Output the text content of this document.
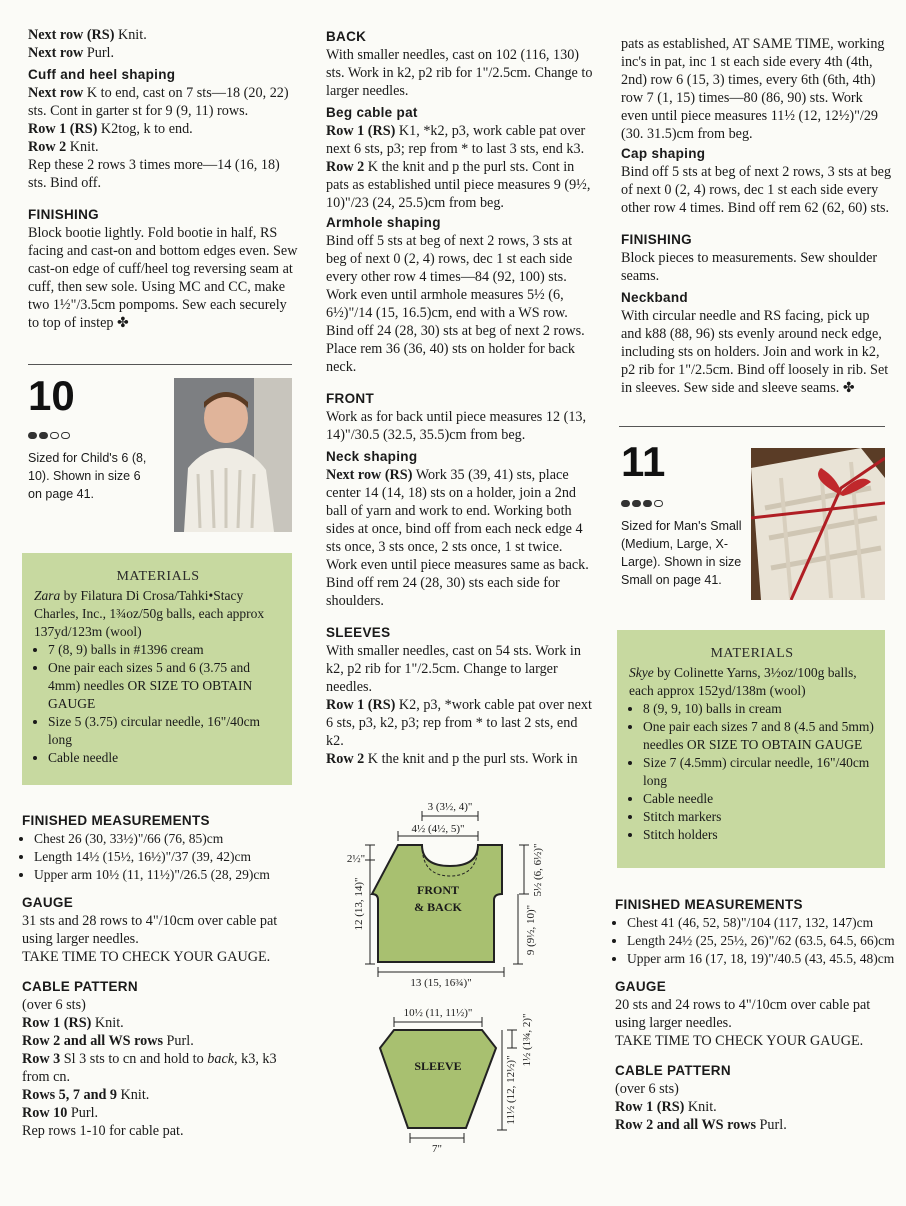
Next row (RS) Knit.

Next row Purl.

Cuff and heel shaping

Next row K to end, cast on 7 sts—18 (20, 22) sts. Cont in garter st for 9 (9, 11) rows.

Row 1 (RS) K2tog, k to end.

Row 2 Knit.

Rep these 2 rows 3 times more—14 (16, 18) sts. Bind off.

FINISHING

Block bootie lightly. Fold bootie in half, RS facing and cast-on and bottom edges even. Sew cast-on edge of cuff/heel tog reversing seam at cuff, then sew sole. Using MC and CC, make two 1½"/3.5cm pompoms. Sew each securely to top of instep ✤

10

Sized for Child's 6 (8, 10). Shown in size 6 on page 41.

MATERIALS

Zara by Filatura Di Crosa/Tahki•Stacy Charles, Inc., 1¾oz/50g balls, each approx 137yd/123m (wool)

• 7 (8, 9) balls in #1396 cream
• One pair each sizes 5 and 6 (3.75 and 4mm) needles OR SIZE TO OBTAIN GAUGE
• Size 5 (3.75) circular needle, 16"/40cm long
• Cable needle

FINISHED MEASUREMENTS

• Chest 26 (30, 33½)"/66 (76, 85)cm
• Length 14½ (15½, 16½)"/37 (39, 42)cm
• Upper arm 10½ (11, 11½)"/26.5 (28, 29)cm

GAUGE

31 sts and 28 rows to 4"/10cm over cable pat using larger needles.

TAKE TIME TO CHECK YOUR GAUGE.

CABLE PATTERN

(over 6 sts)

Row 1 (RS) Knit.

Row 2 and all WS rows Purl.

Row 3 Sl 3 sts to cn and hold to back, k3, k3 from cn.

Rows 5, 7 and 9 Knit.

Row 10 Purl.

Rep rows 1-10 for cable pat.

BACK

With smaller needles, cast on 102 (116, 130) sts. Work in k2, p2 rib for 1"/2.5cm. Change to larger needles.

Beg cable pat

Row 1 (RS) K1, *k2, p3, work cable pat over next 6 sts, p3; rep from * to last 3 sts, end k3. Row 2 K the knit and p the purl sts. Cont in pats as established until piece measures 9 (9½, 10)"/23 (24, 25.5)cm from beg.

Armhole shaping

Bind off 5 sts at beg of next 2 rows, 3 sts at beg of next 0 (2, 4) rows, dec 1 st each side every other row 4 times—84 (92, 100) sts. Work even until armhole measures 5½ (6, 6½)"/14 (15, 16.5)cm, end with a WS row. Bind off 24 (28, 30) sts at beg of next 2 rows. Place rem 36 (36, 40) sts on holder for back neck.

FRONT

Work as for back until piece measures 12 (13, 14)"/30.5 (32.5, 35.5)cm from beg.

Neck shaping

Next row (RS) Work 35 (39, 41) sts, place center 14 (14, 18) sts on a holder, join a 2nd ball of yarn and work to end. Working both sides at once, bind off from each neck edge 4 sts once, 3 sts once, 2 sts once, 1 st twice. Work even until piece measures same as back. Bind off rem 24 (28, 30) sts each side for shoulders.

SLEEVES

With smaller needles, cast on 54 sts. Work in k2, p2 rib for 1"/2.5cm. Change to larger needles.

Row 1 (RS) K2, p3, *work cable pat over next 6 sts, p3, k2, p3; rep from * to last 2 sts, end k2.

Row 2 K the knit and p the purl sts. Work in

3 (3½, 4)"
4½ (4½, 5)"
2½"	5½ (6, 6½)"
12 (13, 14)"	9 (9½, 10)"
13 (15, 16¾)"
10½ (11, 11½)"
1½ (1¾, 2)"
11½ (12, 12½)"
7"
FRONT
& BACK
SLEEVE

pats as established, AT SAME TIME, working inc's in pat, inc 1 st each side every 4th (4th, 2nd) row 6 (15, 3) times, every 6th (6th, 4th) row 7 (1, 15) times—80 (86, 90) sts. Work even until piece measures 11½ (12, 12½)"/29 (30. 31.5)cm from beg.

Cap shaping

Bind off 5 sts at beg of next 2 rows, 3 sts at beg of next 0 (2, 4) rows, dec 1 st each side every other row 4 times. Bind off rem 62 (62, 60) sts.

FINISHING

Block pieces to measurements. Sew shoulder seams.

Neckband

With circular needle and RS facing, pick up and k88 (88, 96) sts evenly around neck edge, including sts on holders. Join and work in k2, p2 rib for 1"/2.5cm. Bind off loosely in rib. Set in sleeves. Sew side and sleeve seams. ✤

11

Sized for Man's Small (Medium, Large, X-Large). Shown in size Small on page 41.

MATERIALS

Skye by Colinette Yarns, 3½oz/100g balls, each approx 152yd/138m (wool)

• 8 (9, 9, 10) balls in cream
• One pair each sizes 7 and 8 (4.5 and 5mm) needles OR SIZE TO OBTAIN GAUGE
• Size 7 (4.5mm) circular needle, 16"/40cm long
• Cable needle
• Stitch markers
• Stitch holders

FINISHED MEASUREMENTS

• Chest 41 (46, 52, 58)"/104 (117, 132, 147)cm
• Length 24½ (25, 25½, 26)"/62 (63.5, 64.5, 66)cm
• Upper arm 16 (17, 18, 19)"/40.5 (43, 45.5, 48)cm

GAUGE

20 sts and 24 rows to 4"/10cm over cable pat using larger needles.

TAKE TIME TO CHECK YOUR GAUGE.

CABLE PATTERN

(over 6 sts)

Row 1 (RS) Knit.

Row 2 and all WS rows Purl.
